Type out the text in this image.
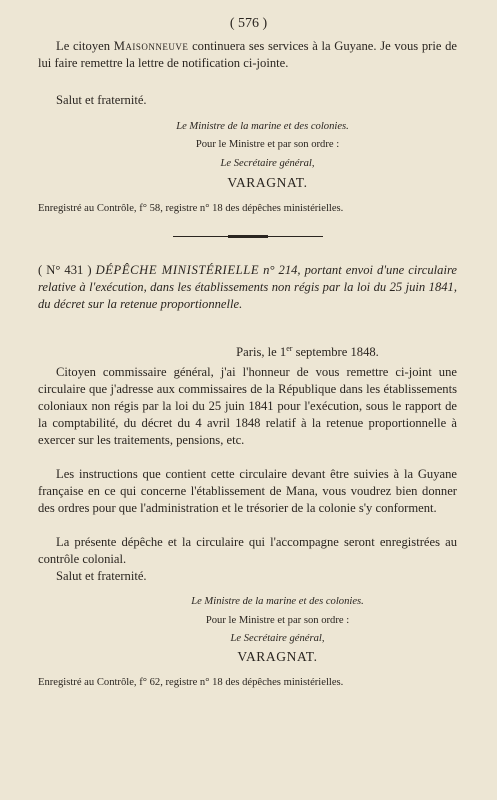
( 576 )
Le citoyen Maisonneuve continuera ses services à la Guyane. Je vous prie de lui faire remettre la lettre de notification ci-jointe.
Salut et fraternité.
Le Ministre de la marine et des colonies.
Pour le Ministre et par son ordre :
Le Secrétaire général,
VARAGNAT.
Enregistré au Contrôle, f° 58, registre n° 18 des dépêches ministérielles.
( N° 431 ) DÉPÊCHE MINISTÉRIELLE n° 214, portant envoi d'une circulaire relative à l'exécution, dans les établissements non régis par la loi du 25 juin 1841, du décret sur la retenue proportionnelle.
Paris, le 1er septembre 1848.
Citoyen commissaire général, j'ai l'honneur de vous remettre ci-joint une circulaire que j'adresse aux commissaires de la République dans les établissements coloniaux non régis par la loi du 25 juin 1841 pour l'exécution, sous le rapport de la comptabilité, du décret du 4 avril 1848 relatif à la retenue proportionnelle à exercer sur les traitements, pensions, etc.
Les instructions que contient cette circulaire devant être suivies à la Guyane française en ce qui concerne l'établissement de Mana, vous voudrez bien donner des ordres pour que l'administration et le trésorier de la colonie s'y conforment.
La présente dépêche et la circulaire qui l'accompagne seront enregistrées au contrôle colonial.
Salut et fraternité.
Le Ministre de la marine et des colonies.
Pour le Ministre et par son ordre :
Le Secrétaire général,
VARAGNAT.
Enregistré au Contrôle, f° 62, registre n° 18 des dépêches ministérielles.
